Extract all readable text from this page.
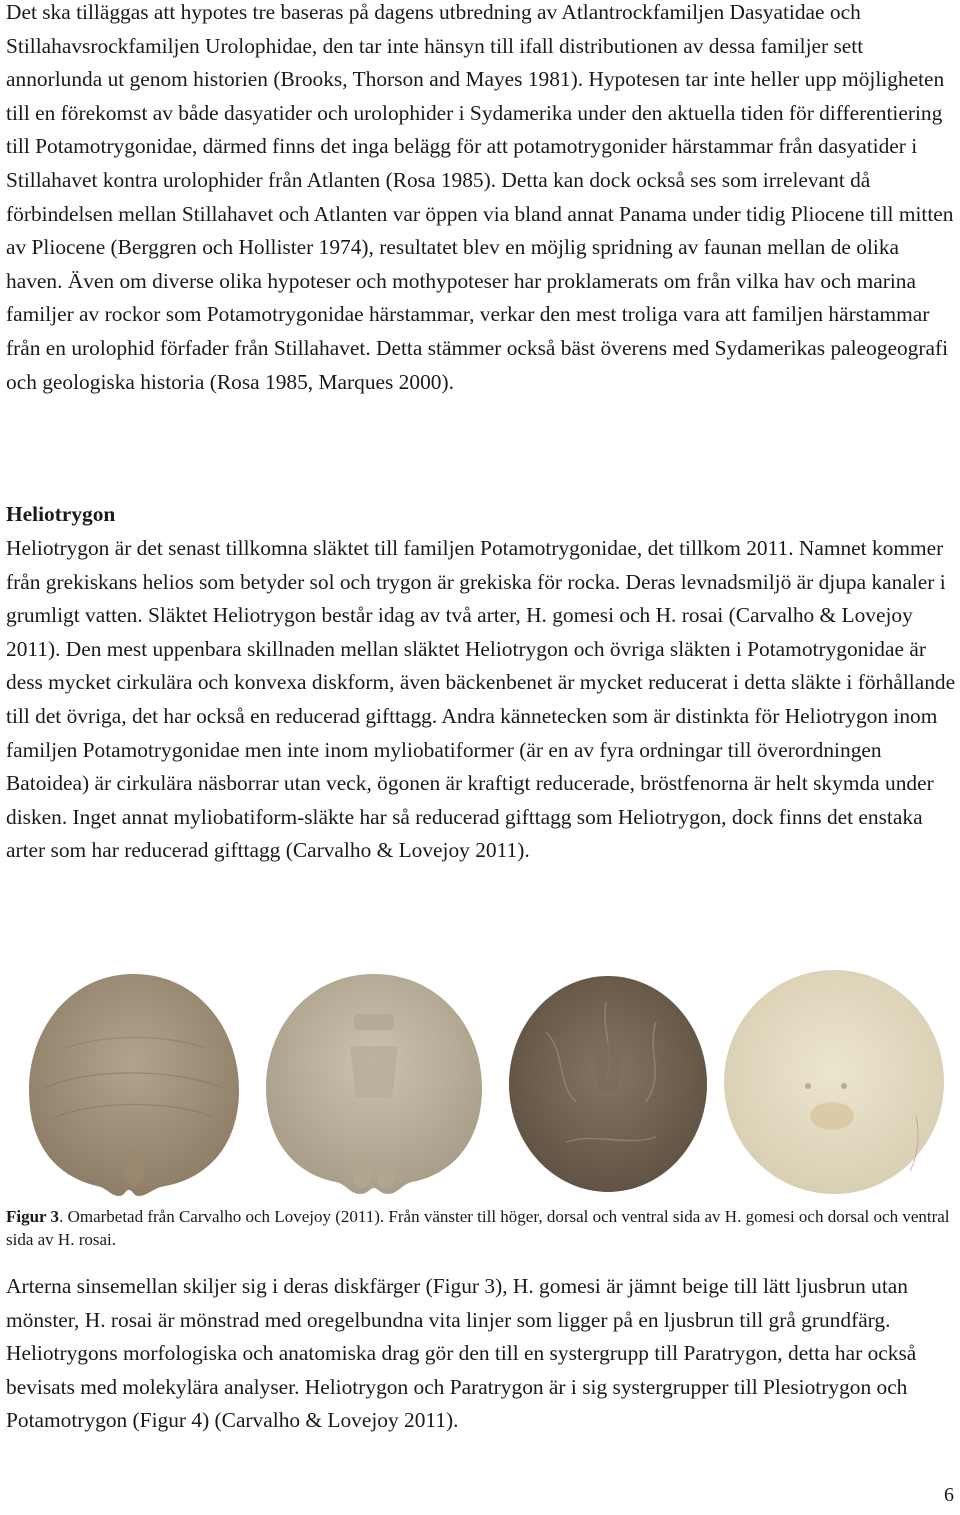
Det ska tilläggas att hypotes tre baseras på dagens utbredning av Atlantrockfamiljen Dasyatidae och Stillahavsrockfamiljen Urolophidae, den tar inte hänsyn till ifall distributionen av dessa familjer sett annorlunda ut genom historien (Brooks, Thorson and Mayes 1981). Hypotesen tar inte heller upp möjligheten till en förekomst av både dasyatider och urolophider i Sydamerika under den aktuella tiden för differentiering till Potamotrygonidae, därmed finns det inga belägg för att potamotrygonider härstammar från dasyatider i Stillahavet kontra urolophider från Atlanten (Rosa 1985). Detta kan dock också ses som irrelevant då förbindelsen mellan Stillahavet och Atlanten var öppen via bland annat Panama under tidig Pliocene till mitten av Pliocene (Berggren och Hollister 1974), resultatet blev en möjlig spridning av faunan mellan de olika haven. Även om diverse olika hypoteser och mothypoteser har proklamerats om från vilka hav och marina familjer av rockor som Potamotrygonidae härstammar, verkar den mest troliga vara att familjen härstammar från en urolophid förfader från Stillahavet. Detta stämmer också bäst överens med Sydamerikas paleogeografi och geologiska historia (Rosa 1985, Marques 2000).

Heliotrygon

Heliotrygon är det senast tillkomna släktet till familjen Potamotrygonidae, det tillkom 2011. Namnet kommer från grekiskans helios som betyder sol och trygon är grekiska för rocka. Deras levnadsmiljö är djupa kanaler i grumligt vatten. Släktet Heliotrygon består idag av två arter, H. gomesi och H. rosai (Carvalho & Lovejoy 2011). Den mest uppenbara skillnaden mellan släktet Heliotrygon och övriga släkten i Potamotrygonidae är dess mycket cirkulära och konvexa diskform, även bäckenbenet är mycket reducerat i detta släkte i förhållande till det övriga, det har också en reducerad gifttagg. Andra kännetecken som är distinkta för Heliotrygon inom familjen Potamotrygonidae men inte inom myliobatiformer (är en av fyra ordningar till överordningen Batoidea) är cirkulära näsborrar utan veck, ögonen är kraftigt reducerade, bröstfenorna är helt skymda under disken. Inget annat myliobatiform-släkte har så reducerad gifttagg som Heliotrygon, dock finns det enstaka arter som har reducerad gifttagg (Carvalho & Lovejoy 2011).

Figur 3. Omarbetad från Carvalho och Lovejoy (2011). Från vänster till höger, dorsal och ventral sida av H. gomesi och dorsal och ventral sida av H. rosai.

Arterna sinsemellan skiljer sig i deras diskfärger (Figur 3), H. gomesi är jämnt beige till lätt ljusbrun utan mönster, H. rosai är mönstrad med oregelbundna vita linjer som ligger på en ljusbrun till grå grundfärg. Heliotrygons morfologiska och anatomiska drag gör den till en systergrupp till Paratrygon, detta har också bevisats med molekylära analyser. Heliotrygon och Paratrygon är i sig systergrupper till Plesiotrygon och Potamotrygon (Figur 4) (Carvalho & Lovejoy 2011).

6
